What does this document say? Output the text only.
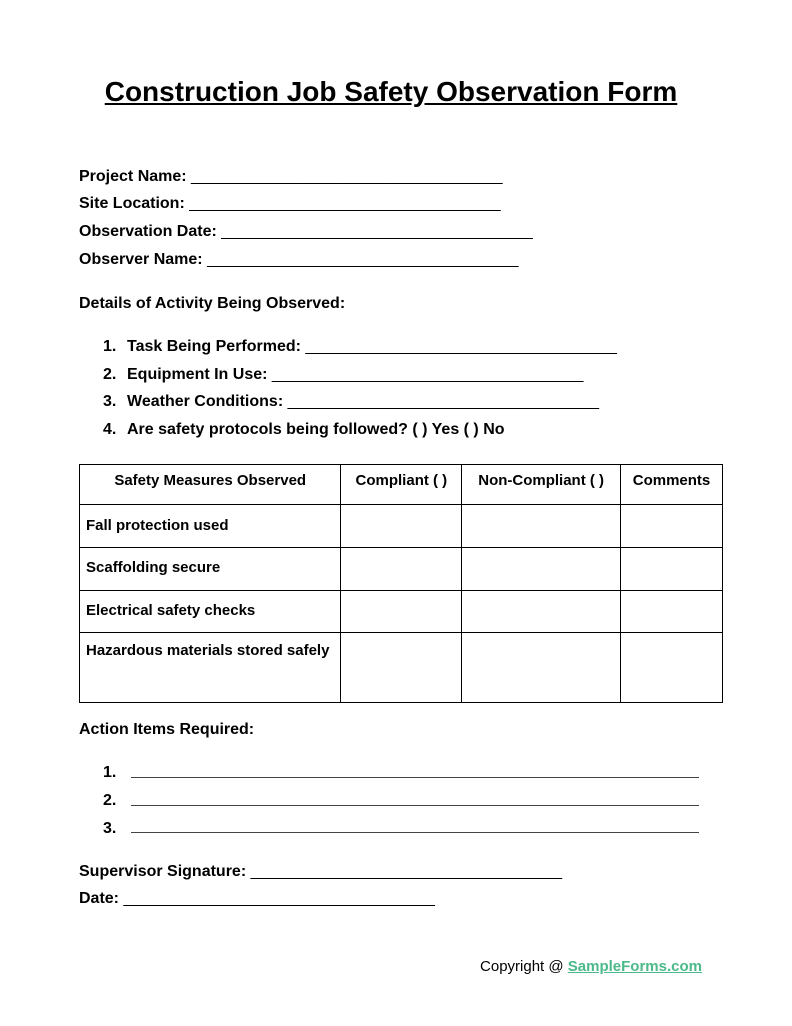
Construction Job Safety Observation Form
Project Name: ___________________________________
Site Location: ___________________________________
Observation Date: ___________________________________
Observer Name: ___________________________________
Details of Activity Being Observed:
1. Task Being Performed: ___________________________________
2. Equipment In Use: ___________________________________
3. Weather Conditions: ___________________________________
4. Are safety protocols being followed? ( ) Yes ( ) No
Safety Measures Observed	Compliant ( )	Non-Compliant ( )	Comments
Fall protection used			
Scaffolding secure			
Electrical safety checks			
Hazardous materials stored safely			
Action Items Required:
1.
2.
3.
Supervisor Signature: ___________________________________
Date: ___________________________________
Copyright @ SampleForms.com
